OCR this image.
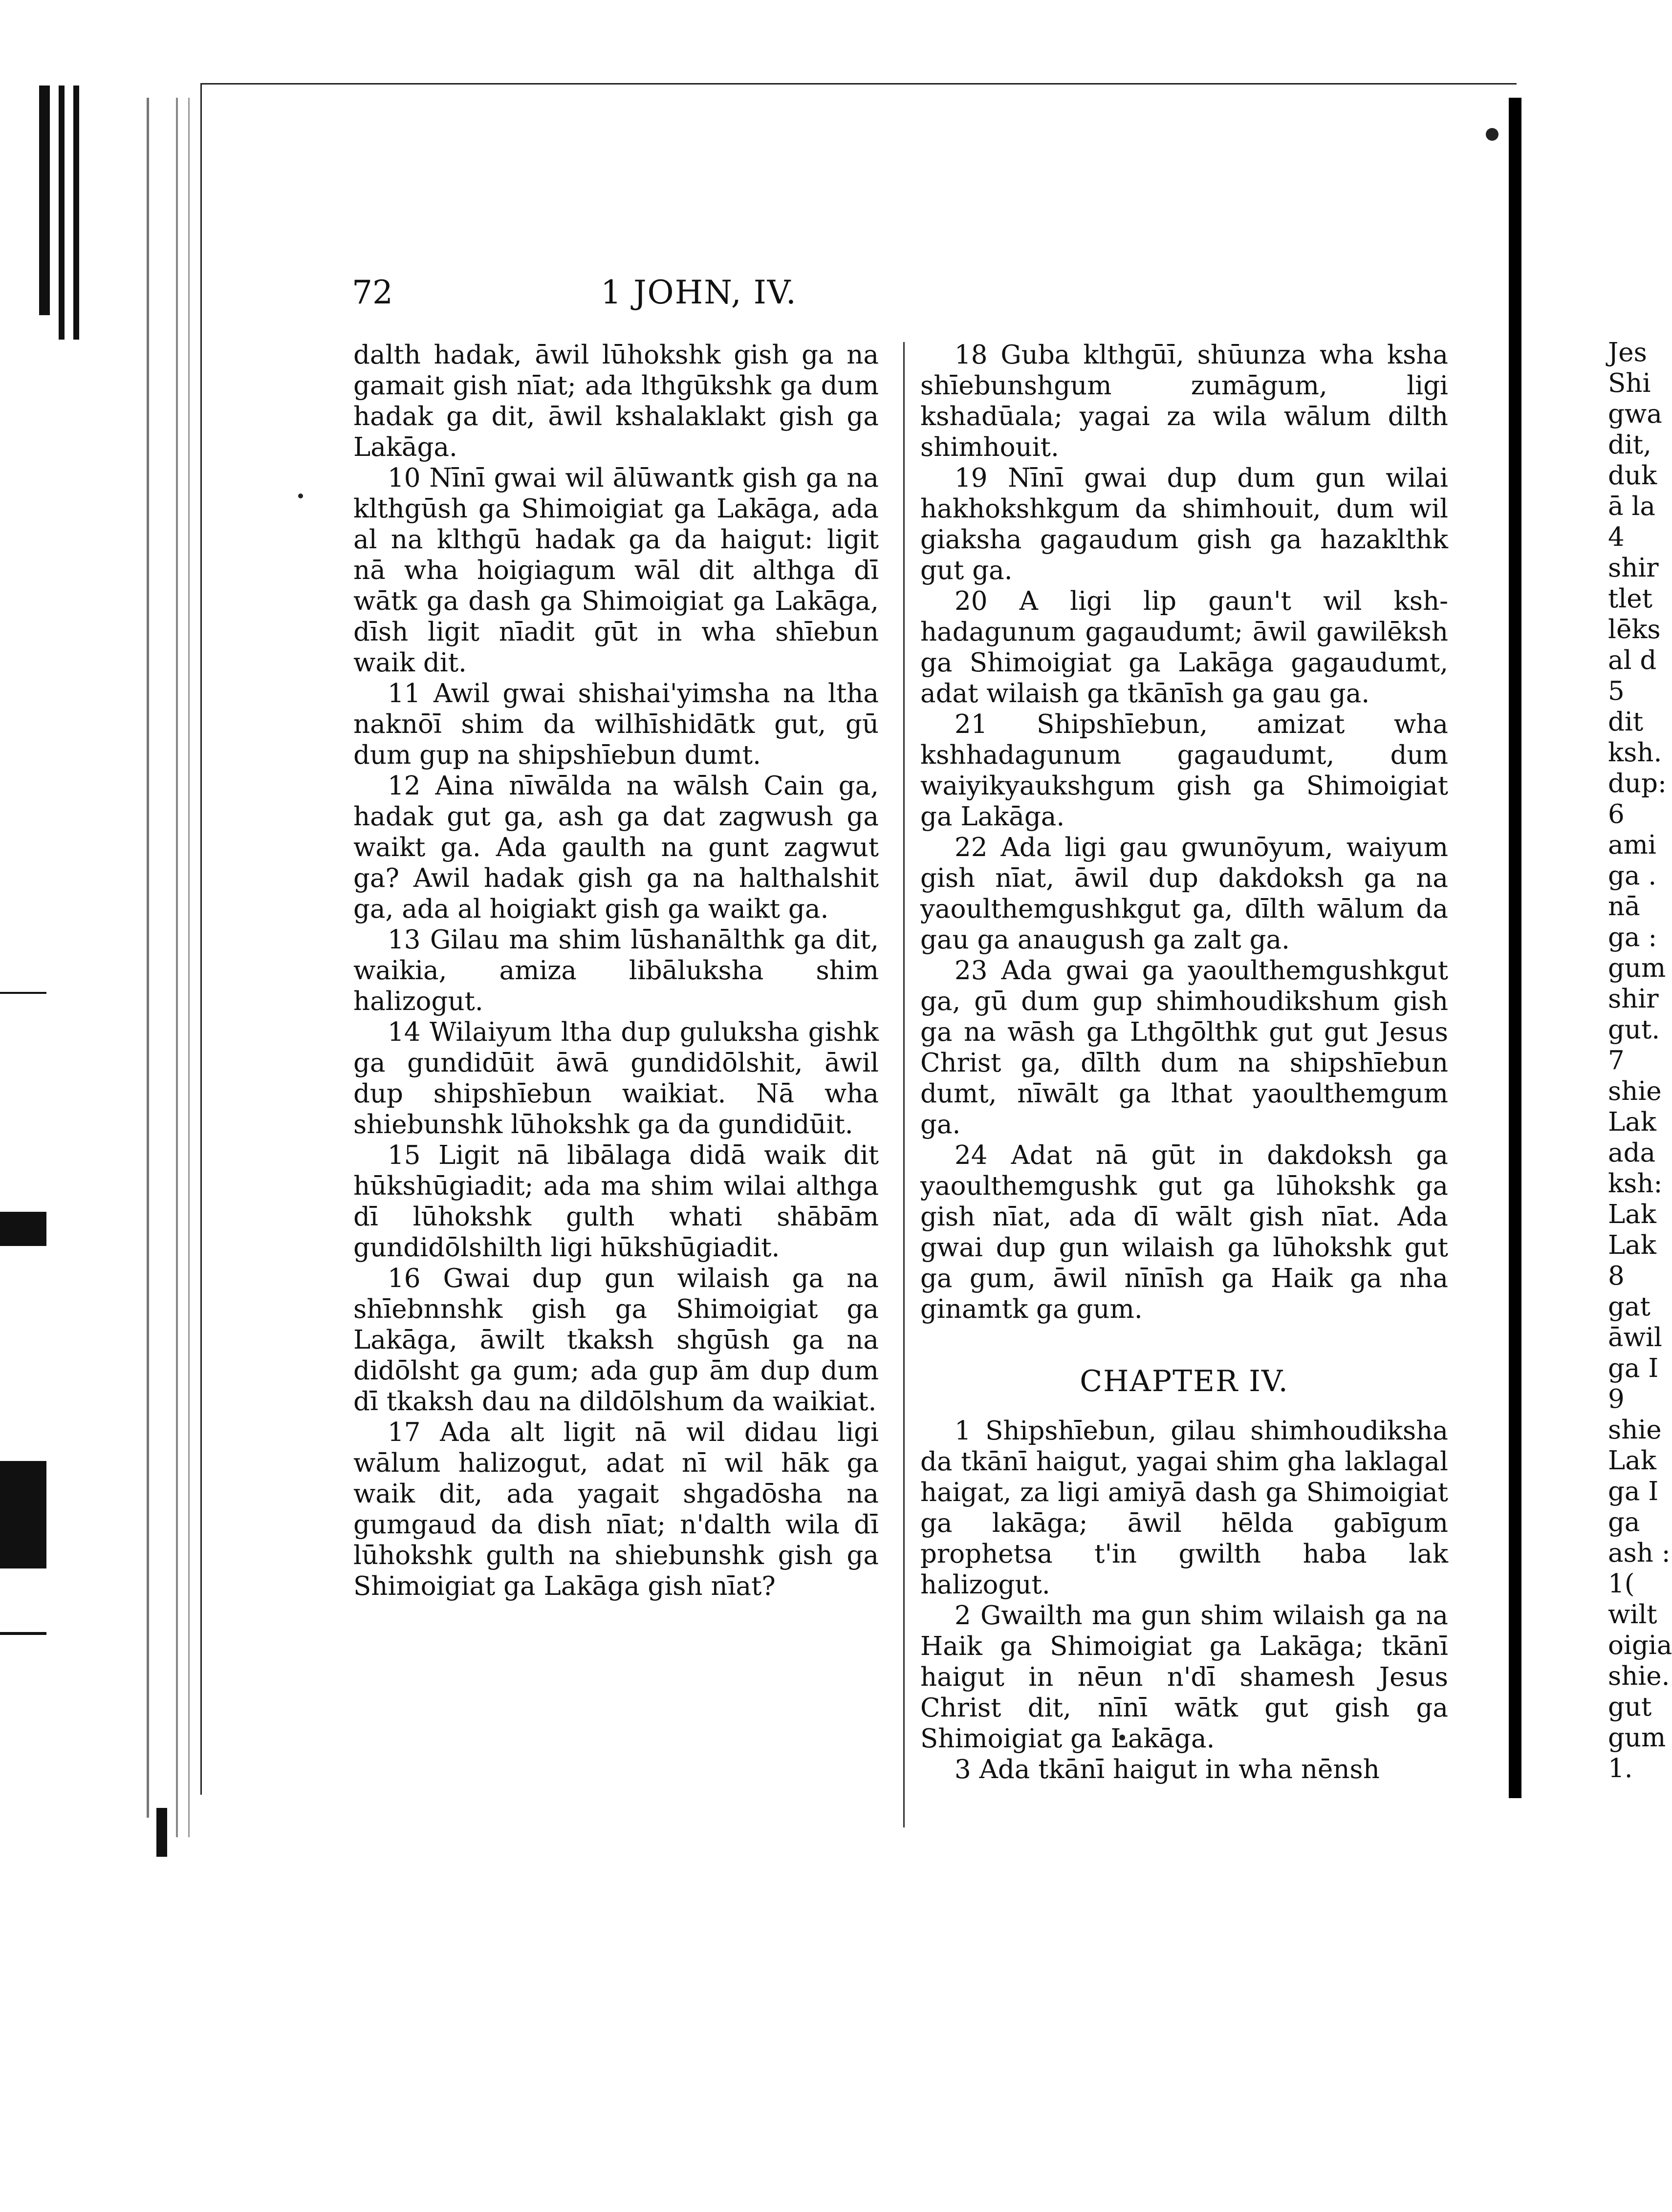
72	1 JOHN, IV.

dalth hadak, āwil lūhokshk gish ga na gamait gish nīat; ada lthgūkshk ga dum hadak ga dit, āwil kshalaklakt gish ga Lakāga.

10 Nīnī gwai wil ālūwantk gish ga na klthgūsh ga Shimoigiat ga Lakāga, ada al na klthgū hadak ga da haigut: ligit nā wha hoigiagum wāl dit althga dī wātk ga dash ga Shimoigiat ga Lakāga, dīsh ligit nīadit gūt in wha shīebun waik dit.

11 Awil gwai shishai'yimsha na ltha naknōī shim da wilhīshidātk gut, gū dum gup na shipshīebun dumt.

12 Aina nīwālda na wālsh Cain ga, hadak gut ga, ash ga dat zagwush ga waikt ga. Ada gaulth na gunt zagwut ga? Awil hadak gish ga na halthalshit ga, ada al hoigiakt gish ga waikt ga.

13 Gilau ma shim lūshanālthk ga dit, waikia, amiza libāluksha shim halizogut.

14 Wilaiyum ltha dup guluksha gishk ga gundidūit āwā gundidōlshit, āwil dup shipshīebun waikiat. Nā wha shiebunshk lūhokshk ga da gundidūit.

15 Ligit nā libālaga didā waik dit hūkshūgiadit; ada ma shim wilai althga dī lūhokshk gulth whati shābām gundidōlshilth ligi hūkshūgiadit.

16 Gwai dup gun wilaish ga na shīebnnshk gish ga Shimoigiat ga Lakāga, āwilt tkaksh shgūsh ga na didōlsht ga gum; ada gup ām dup dum dī tkaksh dau na dildōlshum da waikiat.

17 Ada alt ligit nā wil didau ligi wālum halizogut, adat nī wil hāk ga waik dit, ada yagait shgadōsha na gumgaud da dish nīat; n'dalth wila dī lūhokshk gulth na shiebunshk gish ga Shimoigiat ga Lakāga gish nīat?

18 Guba klthgūī, shūunza wha ksha shīebunshgum zumāgum, ligi kshadūala; yagai za wila wālum dilth shimhouit.

19 Nīnī gwai dup dum gun wilai hakhokshkgum da shimhouit, dum wil giaksha gagaudum gish ga hazaklthk gut ga.

20 A ligi lip gaun't wil ksh-hadagunum gagaudumt; āwil gawilēksh ga Shimoigiat ga Lakāga gagaudumt, adat wilaish ga tkānīsh ga gau ga.

21 Shipshīebun, amizat wha kshhadagunum gagaudumt, dum waiyikyaukshgum gish ga Shimoigiat ga Lakāga.

22 Ada ligi gau gwunōyum, waiyum gish nīat, āwil dup dakdoksh ga na yaoulthemgushkgut ga, dīlth wālum da gau ga anaugush ga zalt ga.

23 Ada gwai ga yaoulthemgushkgut ga, gū dum gup shimhoudikshum gish ga na wāsh ga Lthgōlthk gut gut Jesus Christ ga, dīlth dum na shipshīebun dumt, nīwālt ga lthat yaoulthemgum ga.

24 Adat nā gūt in dakdoksh ga yaoulthemgushk gut ga lūhokshk ga gish nīat, ada dī wālt gish nīat. Ada gwai dup gun wilaish ga lūhokshk gut ga gum, āwil nīnīsh ga Haik ga nha ginamtk ga gum.

CHAPTER IV.

1 Shipshīebun, gilau shimhoudiksha da tkānī haigut, yagai shim gha laklagal haigat, za ligi amiyā dash ga Shimoigiat ga lakāga; āwil hēlda gabīgum prophetsa t'in gwilth haba lak halizogut.

2 Gwailth ma gun shim wilaish ga na Haik ga Shimoigiat ga Lakāga; tkānī haigut in nēun n'dī shamesh Jesus Christ dit, nīnī wātk gut gish ga Shimoigiat ga Lakāga.

3 Ada tkānī haigut in wha nēnsh

Jes
Shi
gwa
dit,
duk
ā la
4
shir
tlet
lēks
al d
5
dit
ksh.
dup:
6
ami
ga .
nā
ga :
gum
shir
gut.
7
shie
Lak
ada
ksh:
Lak
Lak
8
gat
āwil
ga I
9
shie
Lak
ga I
ga
ash :
1(
wilt
oigia
shie.
gut
gum
1.
